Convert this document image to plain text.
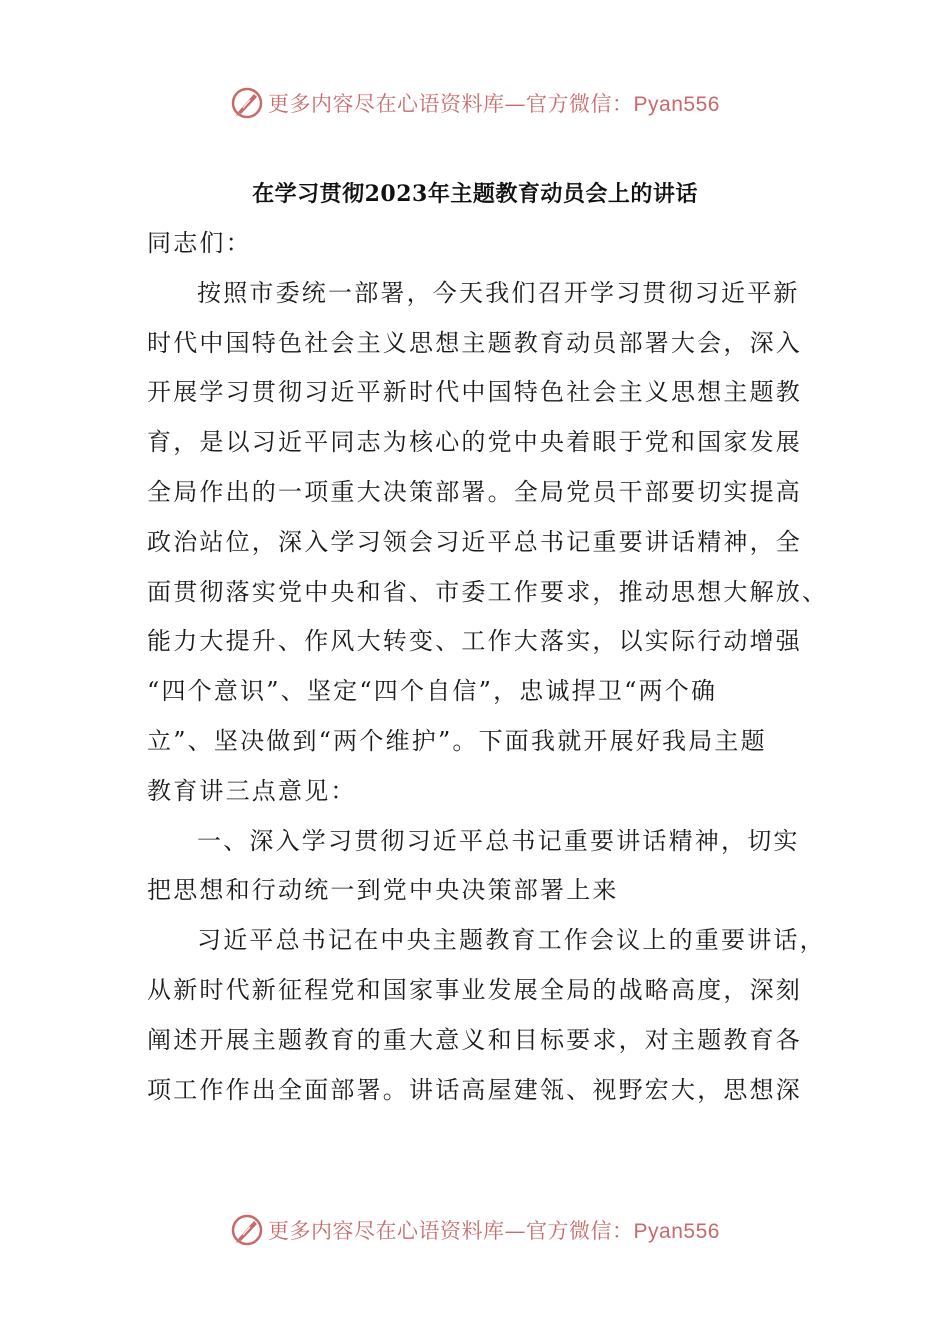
更多内容尽在心语资料库—官方微信：Pyan556
在学习贯彻2023年主题教育动员会上的讲话
同志们：
按照市委统一部署，今天我们召开学习贯彻习近平新
时代中国特色社会主义思想主题教育动员部署大会，深入
开展学习贯彻习近平新时代中国特色社会主义思想主题教
育，是以习近平同志为核心的党中央着眼于党和国家发展
全局作出的一项重大决策部署。全局党员干部要切实提高
政治站位，深入学习领会习近平总书记重要讲话精神，全
面贯彻落实党中央和省、市委工作要求，推动思想大解放、
能力大提升、作风大转变、工作大落实，以实际行动增强
“四个意识”、坚定“四个自信”，忠诚捍卫“两个确
立”、坚决做到“两个维护”。下面我就开展好我局主题
教育讲三点意见：
一、深入学习贯彻习近平总书记重要讲话精神，切实
把思想和行动统一到党中央决策部署上来
习近平总书记在中央主题教育工作会议上的重要讲话，
从新时代新征程党和国家事业发展全局的战略高度，深刻
阐述开展主题教育的重大意义和目标要求，对主题教育各
项工作作出全面部署。讲话高屋建瓴、视野宏大，思想深
更多内容尽在心语资料库—官方微信：Pyan556
